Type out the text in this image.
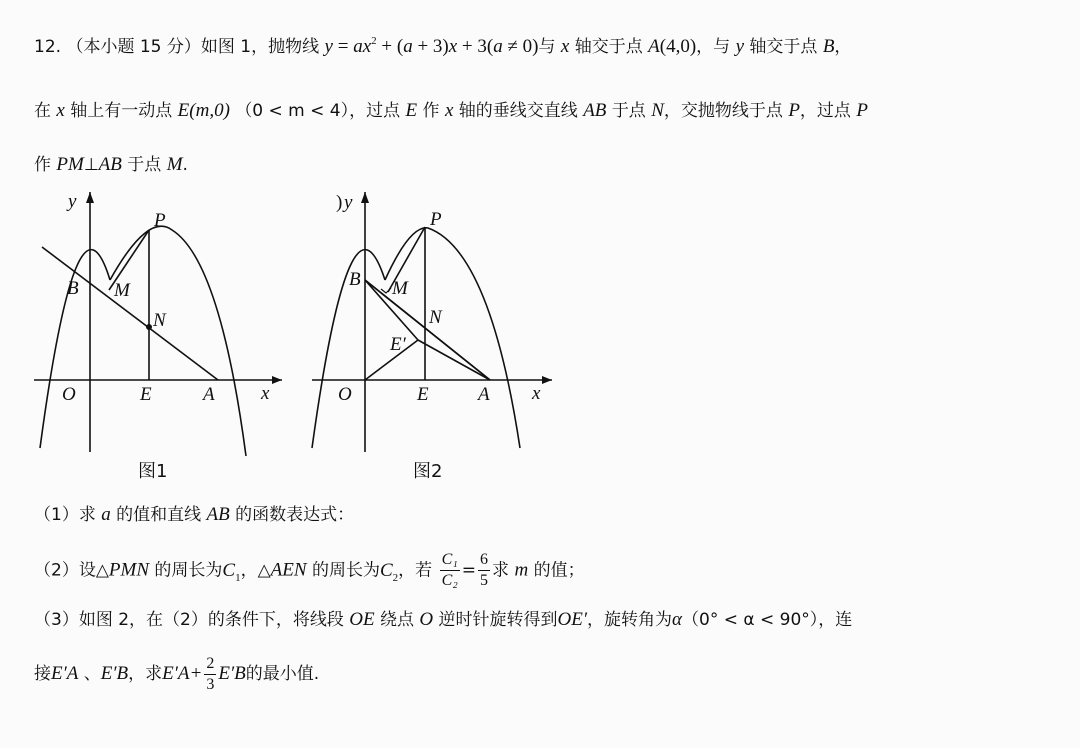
12. （本小题 15 分）如图 1，抛物线 $y = ax^2 + (a + 3)x + 3(a \ne 0)$与 x 轴交于点 A(4,0)，与 y 轴交于点 B，
在 x 轴上有一动点 E(m,0) （0 < m < 4），过点 E 作 x 轴的垂线交直线 AB 于点 N，交抛物线于点 P，过点 P
作 PM⊥AB 于点 M.
y
x
O	E	A
B M
N
P
图1
) y
x
O	E	A
B M
N
P
E′
图2
（1）求 a 的值和直线 AB 的函数表达式：
（2）设△PMN 的周长为$C_1$，△AEN 的周长为$C_2$，若 $\frac{\text{C₁}}{\text{C₂}} = \frac{6}{5}$ 求 m 的值；
（3）如图 2，在（2）的条件下，将线段 OE 绕点 O 逆时针旋转得到OE′，旋转角为α（0° < α < 90°），连
接E′A 、E′B，求$E'A+ \frac{2}{3} E'B$的最小值.
